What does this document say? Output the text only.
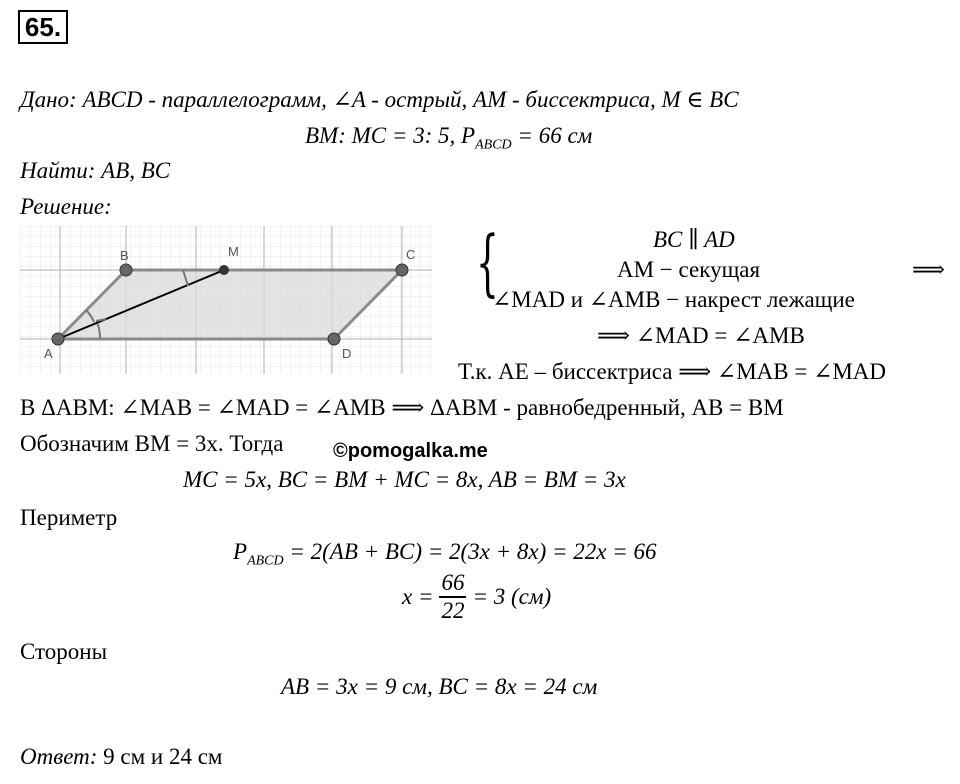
65.
Дано: ABCD - параллелограмм, ∠A - острый, AM - биссектриса, M ∈ BC
BM: MC = 3: 5, $P_{ABCD} = 66$ см
Найти: AB, BC
Решение:
A
B	M	C
D
{	BC ∥ AD
AM − секущая
∠MAD и ∠AMB − накрест лежащие
⟹
⟹ ∠MAD = ∠AMB
Т.к. AE – биссектриса ⟹ ∠MAB = ∠MAD
В ΔABM: ∠MAB = ∠MAD = ∠AMB ⟹ ΔABM - равнобедренный, AB = BM
Обозначим BM = 3x. Тогда ©pomogalka.me
MC = 5x, BC = BM + MC = 8x, AB = BM = 3x
Периметр
$P_{ABCD} = 2(AB + BC) = 2(3x + 8x) = 22x = 66$
$x = \frac{66}{22} = 3$ (см)
Стороны
AB = 3x = 9 см, BC = 8x = 24 см
Ответ: 9 см и 24 см
